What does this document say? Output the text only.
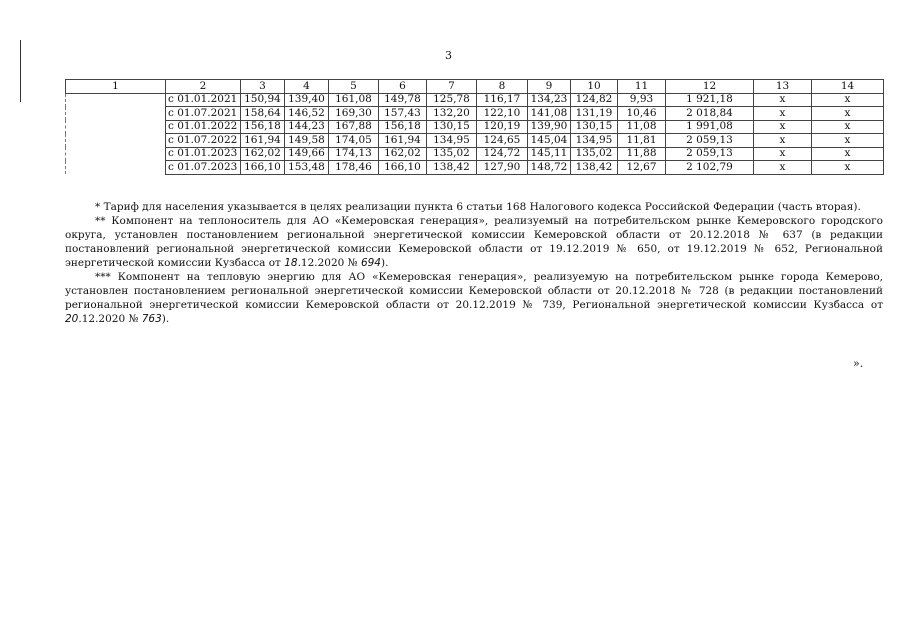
3
1	2	3	4	5	6	7	8	9	10	11	12	13	14
	с 01.01.2021	150,94	139,40	161,08	149,78	125,78	116,17	134,23	124,82	9,93	1 921,18	х	х
	с 01.07.2021	158,64	146,52	169,30	157,43	132,20	122,10	141,08	131,19	10,46	2 018,84	х	х
	с 01.01.2022	156,18	144,23	167,88	156,18	130,15	120,19	139,90	130,15	11,08	1 991,08	х	х
	с 01.07.2022	161,94	149,58	174,05	161,94	134,95	124,65	145,04	134,95	11,81	2 059,13	х	х
	с 01.01.2023	162,02	149,66	174,13	162,02	135,02	124,72	145,11	135,02	11,88	2 059,13	х	х
	с 01.07.2023	166,10	153,48	178,46	166,10	138,42	127,90	148,72	138,42	12,67	2 102,79	х	х

* Тариф для населения указывается в целях реализации пункта 6 статьи 168 Налогового кодекса Российской Федерации (часть вторая).

** Компонент на теплоноситель для АО «Кемеровская генерация», реализуемый на потребительском рынке Кемеровского городского округа, установлен постановлением региональной энергетической комиссии Кемеровской области от 20.12.2018 № 637 (в редакции постановлений региональной энергетической комиссии Кемеровской области от 19.12.2019 № 650, от 19.12.2019 № 652, Региональной энергетической комиссии Кузбасса от 18.12.2020 № 694).

*** Компонент на тепловую энергию для АО «Кемеровская генерация», реализуемую на потребительском рынке города Кемерово, установлен постановлением региональной энергетической комиссии Кемеровской области от 20.12.2018 № 728 (в редакции постановлений региональной энергетической комиссии Кемеровской области от 20.12.2019 № 739, Региональной энергетической комиссии Кузбасса от 20.12.2020 № 763).

».
